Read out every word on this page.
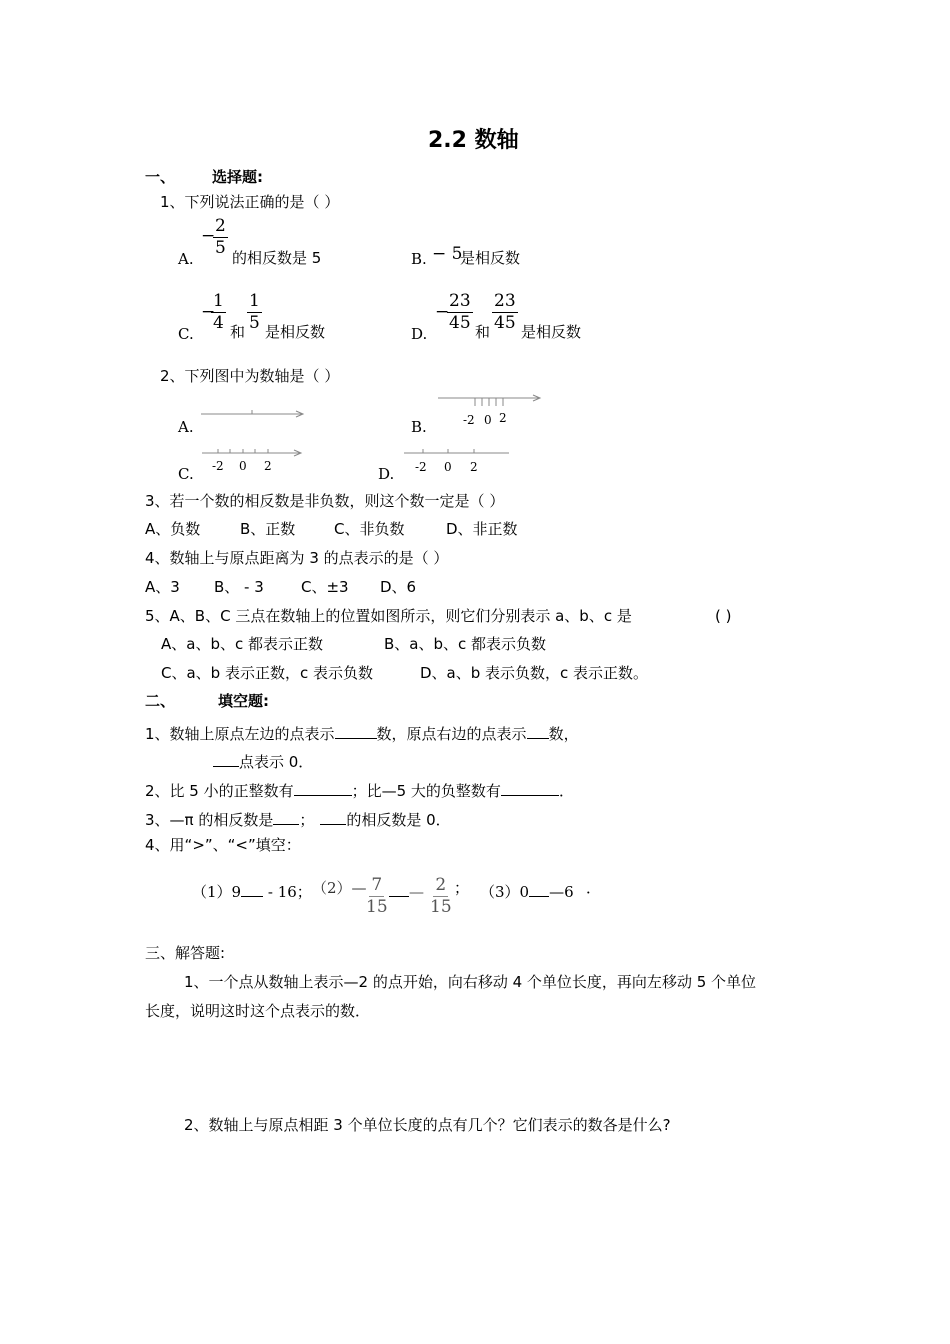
2.2 数轴
一、 选择题:
1、下列说法正确的是（ ）
A.
−
$\frac{2}{5}$
的相反数是 5	B. − 5
是相反数
C.
−
$\frac{1}{4}$ 和 $\frac{1}{5}$ 是相反数	D.
−
$\frac{23}{45}$ 和 $\frac{23}{45}$ 是相反数
2、下列图中为数轴是（ ）
A.	B.	-2 0 2
C. -2 0 2	D. -2 0 2
3、若一个数的相反数是非负数，则这个数一定是（ ）
A、负数	B、正数	C、非负数	D、非正数
4、数轴上与原点距离为 3 的点表示的是（ ）
A、3 B、 - 3 C、±3 D、6
5、A、B、C 三点在数轴上的位置如图所示，则它们分别表示 a、b、c 是	( )
A、a、b、c 都表示正数	B、a、b、c 都表示负数
C、a、b 表示正数，c 表示负数	D、a、b 表示负数，c 表示正数。
二、	填空题:
1、数轴上原点左边的点表示	数，原点右边的点表示 数，
点表示 0．
2、比 5 小的正整数有	；比—5 大的负整数有	．
3、—π 的相反数是 ； 的相反数是 0．
4、用“>”、“<”填空：
（1）9 - 16； （2）— $\frac{7}{15}$	— $\frac{2}{15}$ ； （3）0 —6 ．
三、解答题:
1、一个点从数轴上表示—2 的点开始，向右移动 4 个单位长度，再向左移动 5 个单位
长度，说明这时这个点表示的数．
2、数轴上与原点相距 3 个单位长度的点有几个？它们表示的数各是什么?
